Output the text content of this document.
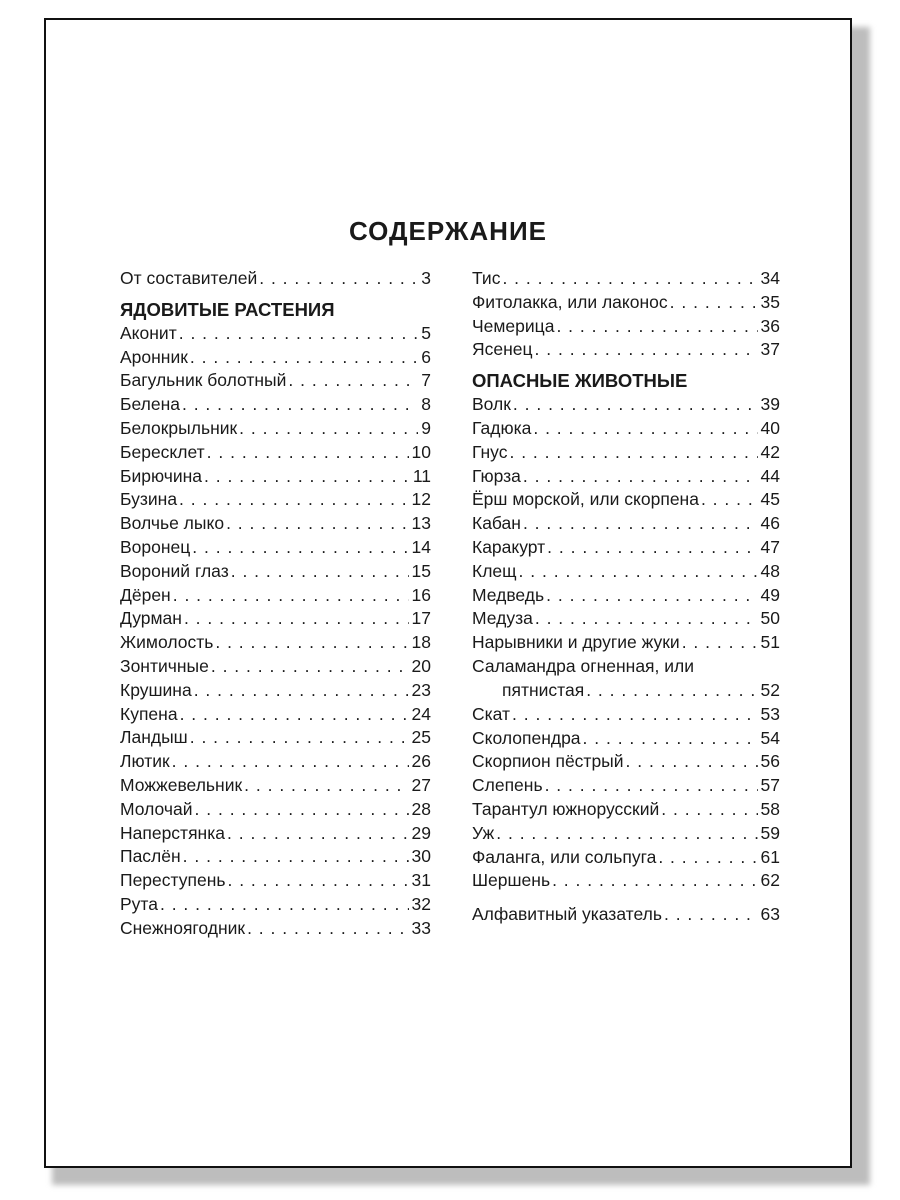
СОДЕРЖАНИЕ
От составителей . . .	3
ЯДОВИТЫЕ РАСТЕНИЯ
Аконит . . .	5
Аронник . . .	6
Багульник болотный . . .	7
Белена . . .	8
Белокрыльник . . .	9
Бересклет . . .	10
Бирючина . . .	11
Бузина . . .	12
Волчье лыко . . .	13
Воронец . . .	14
Вороний глаз . . .	15
Дёрен . . .	16
Дурман . . .	17
Жимолость . . .	18
Зонтичные . . .	20
Крушина . . .	23
Купена . . .	24
Ландыш . . .	25
Лютик . . .	26
Можжевельник . . .	27
Молочай . . .	28
Наперстянка . . .	29
Паслён . . .	30
Переступень . . .	31
Рута . . .	32
Снежноягодник . . .	33
Тис . . .	34
Фитолакка, или лаконос . . .	35
Чемерица . . .	36
Ясенец . . .	37
ОПАСНЫЕ ЖИВОТНЫЕ
Волк . . .	39
Гадюка . . .	40
Гнус . . .	42
Гюрза . . .	44
Ёрш морской, или скорпена . . .	45
Кабан . . .	46
Каракурт . . .	47
Клещ . . .	48
Медведь . . .	49
Медуза . . .	50
Нарывники и другие жуки . . .	51
Саламандра огненная, или
пятнистая . . .	52
Скат . . .	53
Сколопендра . . .	54
Скорпион пёстрый . . .	56
Слепень . . .	57
Тарантул южнорусский . . .	58
Уж . . .	59
Фаланга, или сольпуга . . .	61
Шершень . . .	62
Алфавитный указатель . . .	63
